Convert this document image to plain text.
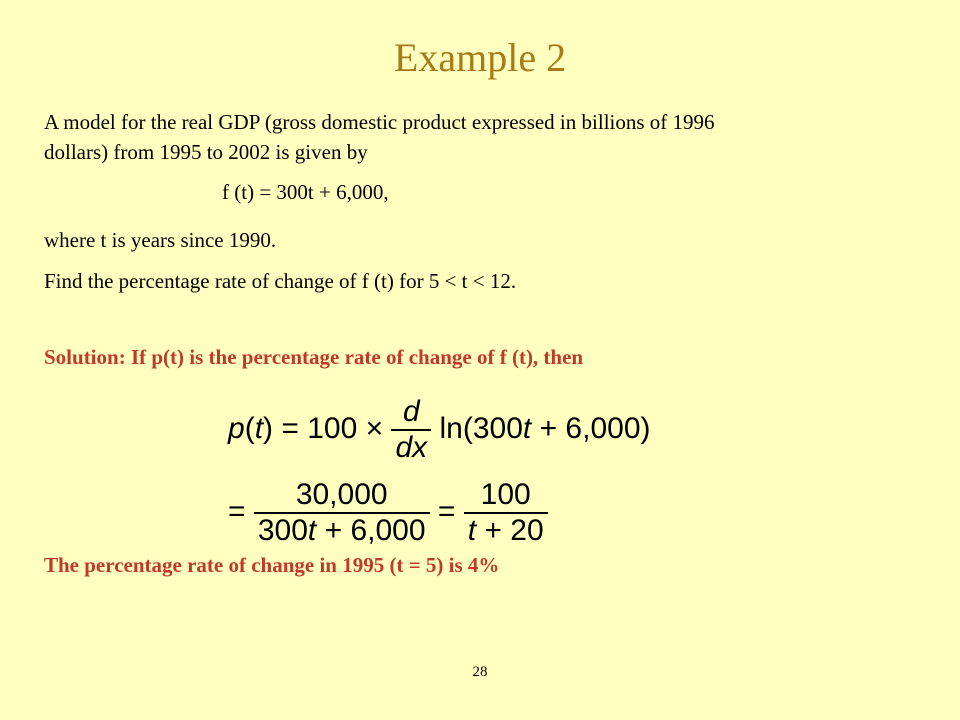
Example 2
A model for the real GDP (gross domestic product expressed in billions of 1996
dollars) from 1995 to 2002 is given by
f (t) = 300t + 6,000,
where t is years since 1990.
Find the percentage rate of change of f (t) for 5 < t < 12.
Solution: If p(t) is the percentage rate of change of f (t), then
$p(t) = 100 \times \frac{d}{dx} \ln(300t + 6,000)$
= $\frac{30,000}{300t + 6,000} = \frac{100}{t + 20}$
The percentage rate of change in 1995 (t = 5) is 4%
28
